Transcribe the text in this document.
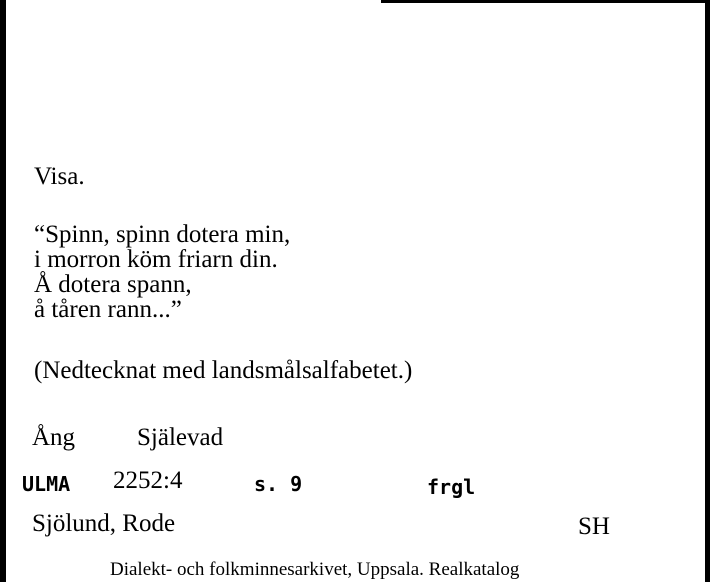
Visa.
“Spinn, spinn dotera min,
i morron köm friarn din.
Å dotera spann,
å tåren rann...”
(Nedtecknat med landsmålsalfabetet.)
Ång Själevad
ULMA 2252:4	s. 9	frgl
Sjölund, Rode	SH
Dialekt- och folkminnesarkivet, Uppsala. Realkatalog
